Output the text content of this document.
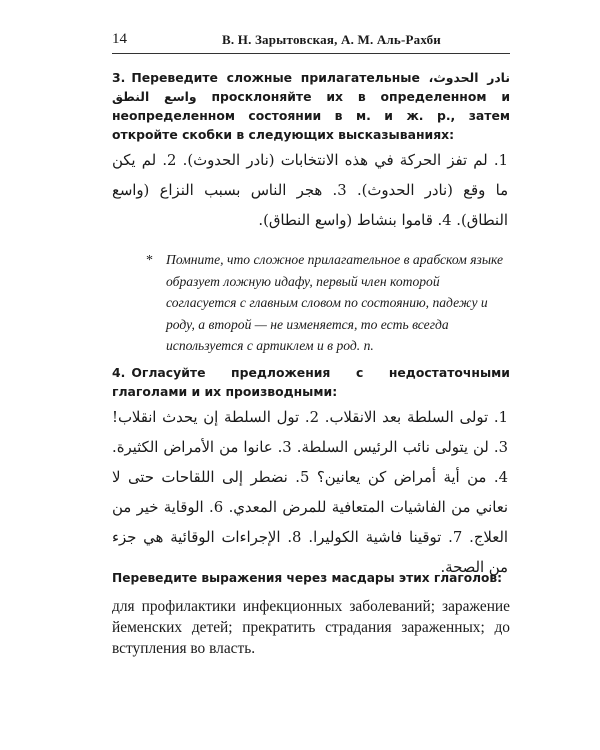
14	В. Н. Зарытовская, А. М. Аль-Рахби

3. Переведите сложные прилагательные نادر الحدوث، واسع النطق просклоняйте их в определенном и неопределенном состоянии в м. и ж. р., затем откройте скобки в следующих высказываниях:

1. لم تفز الحركة في هذه الانتخابات (نادر الحدوث). 2. لم يكن ما وقع (نادر الحدوث). 3. هجر الناس بسبب النزاع (واسع النطاق). 4. قاموا بنشاط (واسع النطاق).

* Помните, что сложное прилагательное в арабском языке образует ложную идафу, первый член которой согласуется с главным словом по состоянию, падежу и роду, а второй — не изменяется, то есть всегда используется с артиклем и в род. п.

4. Огласуйте предложения с недостаточными глаголами и их производными:

1. تولى السلطة بعد الانقلاب. 2. تول السلطة إن يحدث انقلاب! 3. لن يتولى نائب الرئيس السلطة. 3. عانوا من الأمراض الكثيرة. 4. من أية أمراض كن يعانين؟ 5. نضطر إلى اللقاحات حتى لا نعاني من الفاشيات المتعافية للمرض المعدي. 6. الوقاية خير من العلاج. 7. توقينا فاشية الكوليرا. 8. الإجراءات الوقائية هي جزء من الصحة.

Переведите выражения через масдары этих глаголов:

для профилактики инфекционных заболеваний; заражение йеменских детей; прекратить страдания зараженных; до вступления во власть.
